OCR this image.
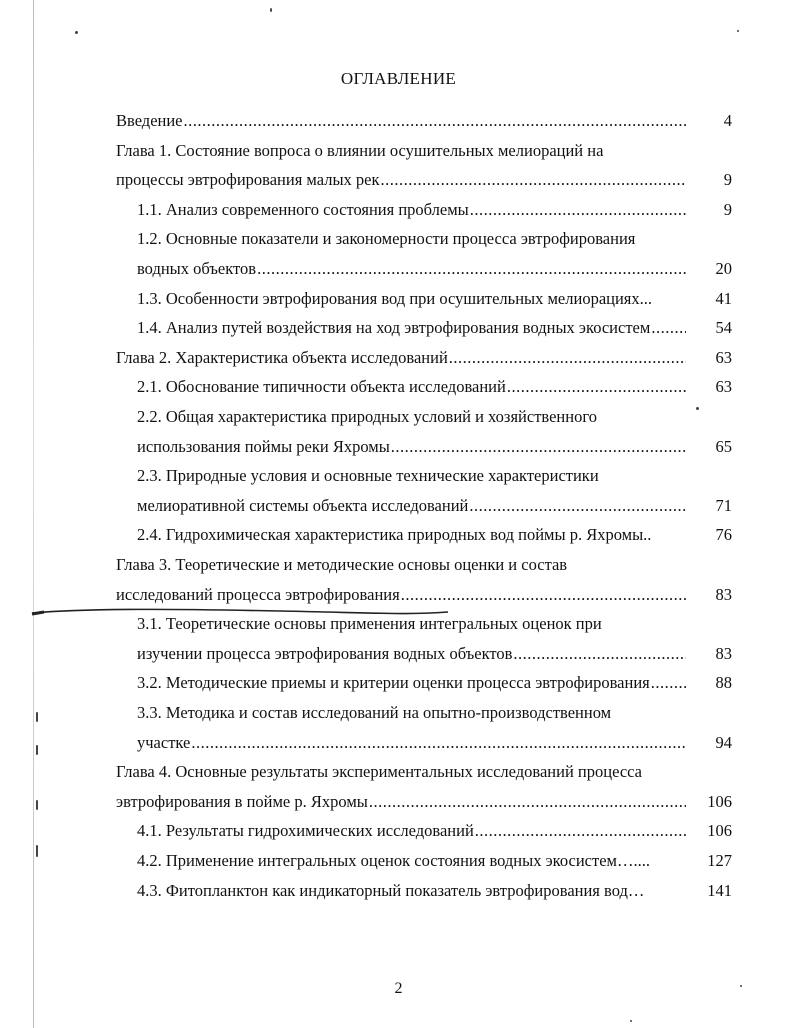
ОГЛАВЛЕНИЕ
Введение .....	4
Глава 1. Состояние вопроса о влиянии осушительных мелиораций на
процессы эвтрофирования малых рек .....	9
1.1. Анализ современного состояния проблемы .....	9
1.2. Основные показатели и закономерности процесса эвтрофирования
водных объектов .....	20
1.3. Особенности эвтрофирования вод при осушительных мелиорациях...	41
1.4. Анализ путей воздействия на ход эвтрофирования водных экосистем .....	54
Глава 2. Характеристика объекта исследований .....	63
2.1. Обоснование типичности объекта исследований .....	63
2.2. Общая характеристика природных условий и хозяйственного
использования поймы реки Яхромы .....	65
2.3. Природные условия и основные технические характеристики
мелиоративной системы объекта исследований .....	71
2.4. Гидрохимическая характеристика природных вод поймы р. Яхромы..	76
Глава 3. Теоретические и методические основы оценки и состав
исследований процесса эвтрофирования .....	83
3.1. Теоретические основы применения интегральных оценок при
изучении процесса эвтрофирования водных объектов .....	83
3.2. Методические приемы и критерии оценки процесса эвтрофирования .....	88
3.3. Методика и состав исследований на опытно-производственном
участке .....	94
Глава 4. Основные результаты экспериментальных исследований процесса
эвтрофирования в пойме р. Яхромы .....	106
4.1. Результаты гидрохимических исследований .....	106
4.2. Применение интегральных оценок состояния водных экосистем…....	127
4.3. Фитопланктон как индикаторный показатель эвтрофирования вод…	141
2
